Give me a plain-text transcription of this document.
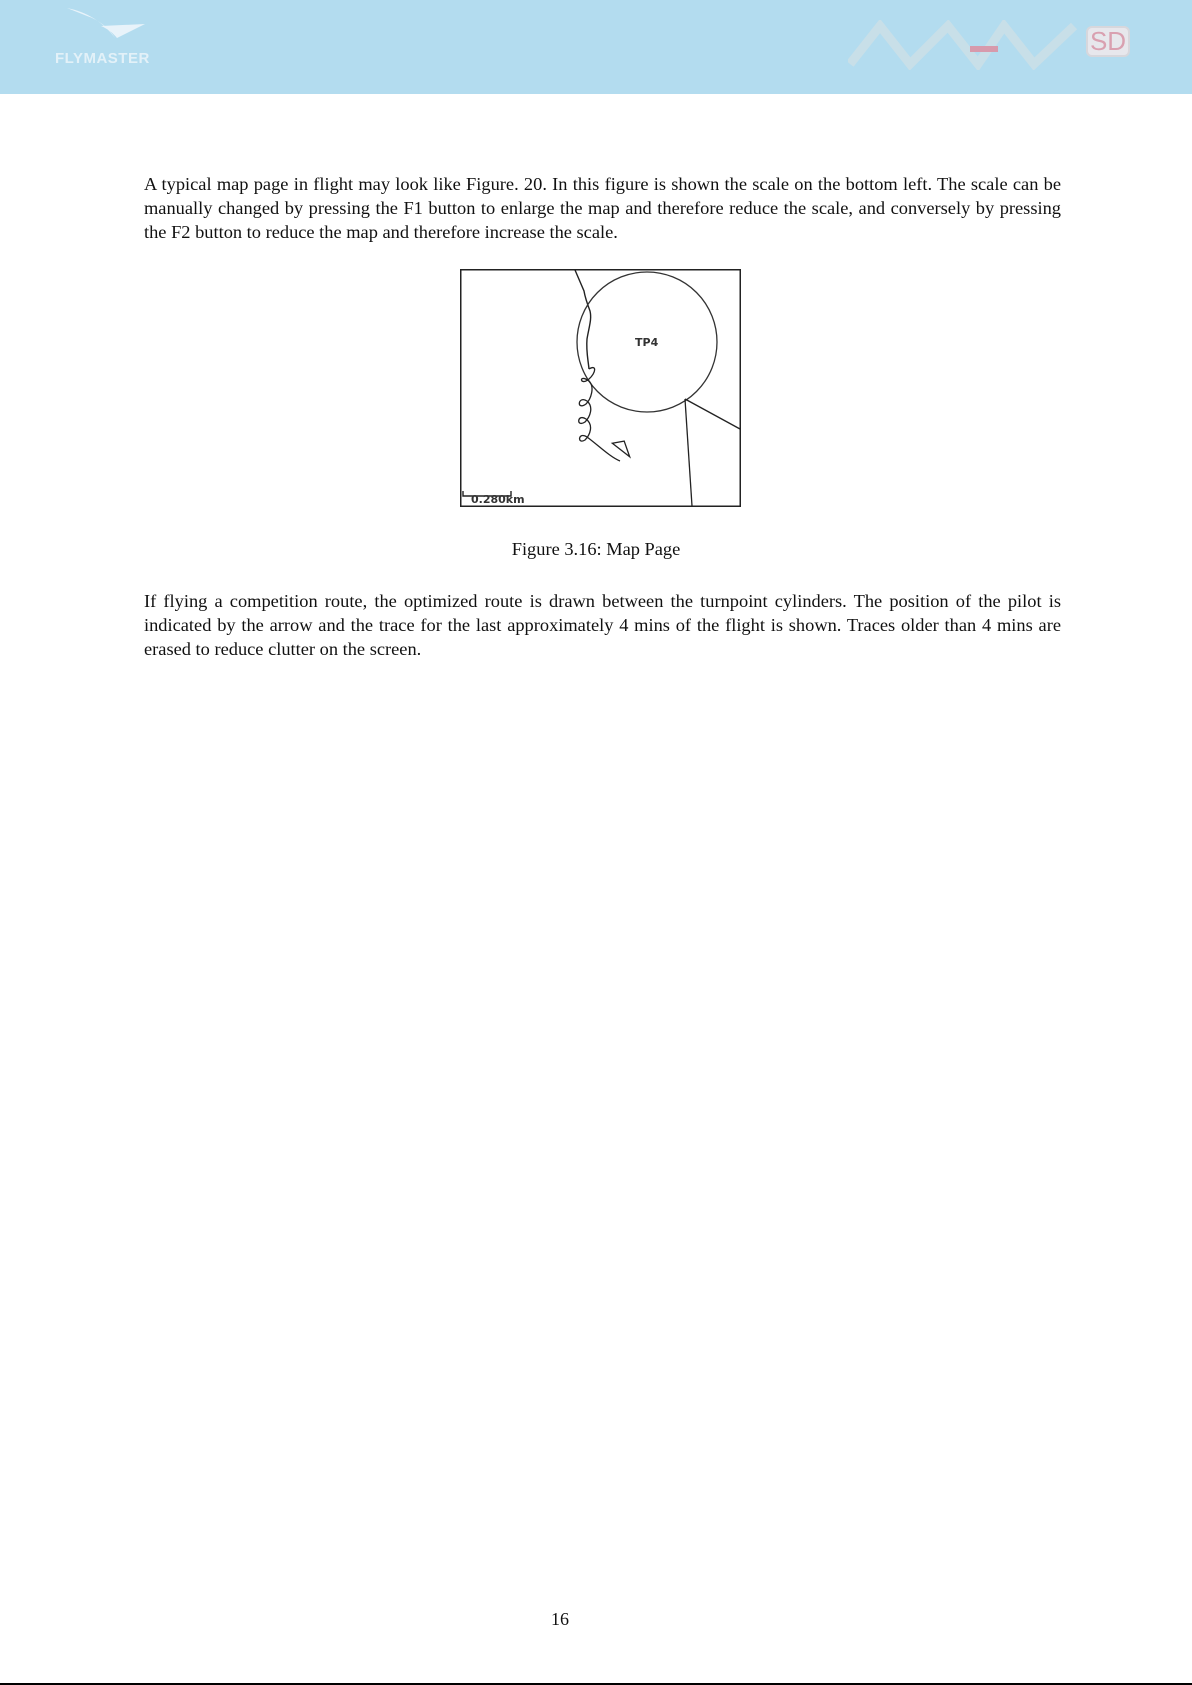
FLYMASTER
SD

A typical map page in flight may look like Figure. 20. In this figure is shown the scale on the bottom left. The scale can be manually changed by pressing the F1 button to enlarge the map and therefore reduce the scale, and conversely by pressing the F2 button to reduce the map and therefore increase the scale.

TP4
0.280km
Figure 3.16: Map Page

If flying a competition route, the optimized route is drawn between the turnpoint cylinders. The position of the pilot is indicated by the arrow and the trace for the last approximately 4 mins of the flight is shown. Traces older than 4 mins are erased to reduce clutter on the screen.

16
